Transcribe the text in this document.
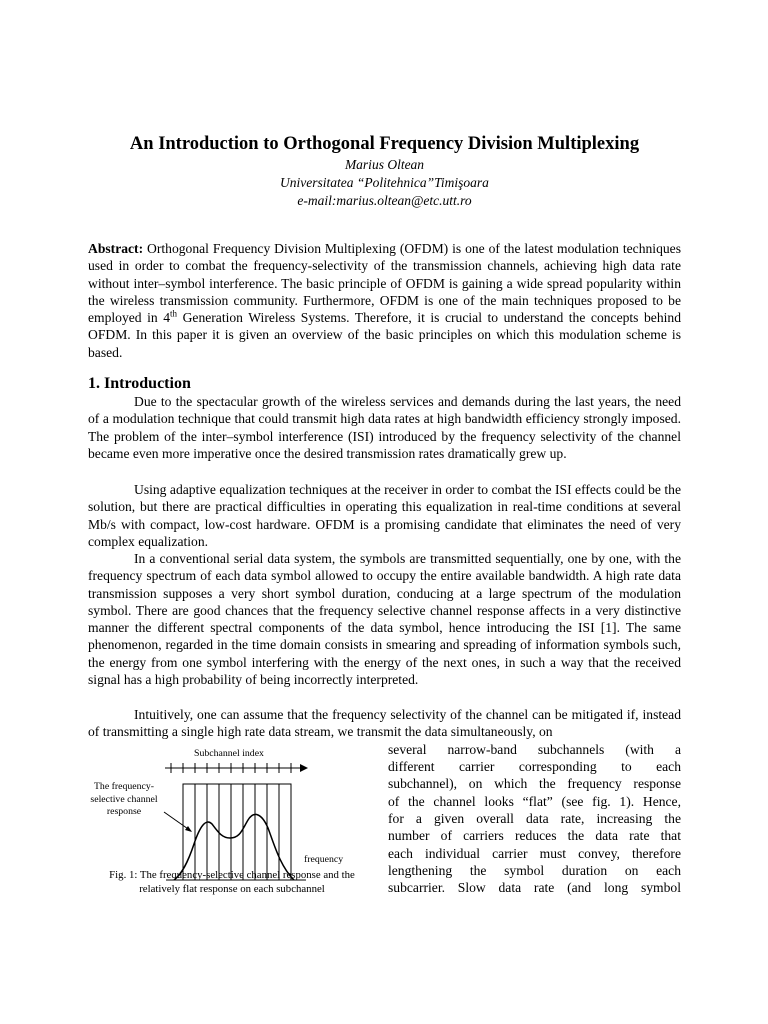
An Introduction to Orthogonal Frequency Division Multiplexing
Marius Oltean
Universitatea “Politehnica”Timişoara
e-mail:marius.oltean@etc.utt.ro

Abstract: Orthogonal Frequency Division Multiplexing (OFDM) is one of the latest modulation techniques used in order to combat the frequency-selectivity of the transmission channels, achieving high data rate without inter–symbol interference. The basic principle of OFDM is gaining a wide spread popularity within the wireless transmission community. Furthermore, OFDM is one of the main techniques proposed to be employed in 4th Generation Wireless Systems. Therefore, it is crucial to understand the concepts behind OFDM. In this paper it is given an overview of the basic principles on which this modulation scheme is based.

1. Introduction

Due to the spectacular growth of the wireless services and demands during the last years, the need of a modulation technique that could transmit high data rates at high bandwidth efficiency strongly imposed. The problem of the inter–symbol interference (ISI) introduced by the frequency selectivity of the channel became even more imperative once the desired transmission rates dramatically grew up.

Using adaptive equalization techniques at the receiver in order to combat the ISI effects could be the solution, but there are practical difficulties in operating this equalization in real-time conditions at several Mb/s with compact, low-cost hardware. OFDM is a promising candidate that eliminates the need of very complex equalization.

In a conventional serial data system, the symbols are transmitted sequentially, one by one, with the frequency spectrum of each data symbol allowed to occupy the entire available bandwidth. A high rate data transmission supposes a very short symbol duration, conducing at a large spectrum of the modulation symbol. There are good chances that the frequency selective channel response affects in a very distinctive manner the different spectral components of the data symbol, hence introducing the ISI [1]. The same phenomenon, regarded in the time domain consists in smearing and spreading of information symbols such, the energy from one symbol interfering with the energy of the next ones, in such a way that the received signal has a high probability of being incorrectly interpreted.

Intuitively, one can assume that the frequency selectivity of the channel can be mitigated if, instead of transmitting a single high rate data stream, we transmit the data simultaneously, on

several narrow-band subchannels (with a
different carrier corresponding to each
subchannel), on which the frequency response
of the channel looks “flat” (see fig. 1). Hence,
for a given overall data rate, increasing the
number of carriers reduces the data rate that
each individual carrier must convey, therefore
lengthening the symbol duration on each
subcarrier. Slow data rate (and long symbol
Subchannel index
The frequency-
selective channel
response
frequency
Fig. 1: The frequency-selective channel response and the
relatively flat response on each subchannel
